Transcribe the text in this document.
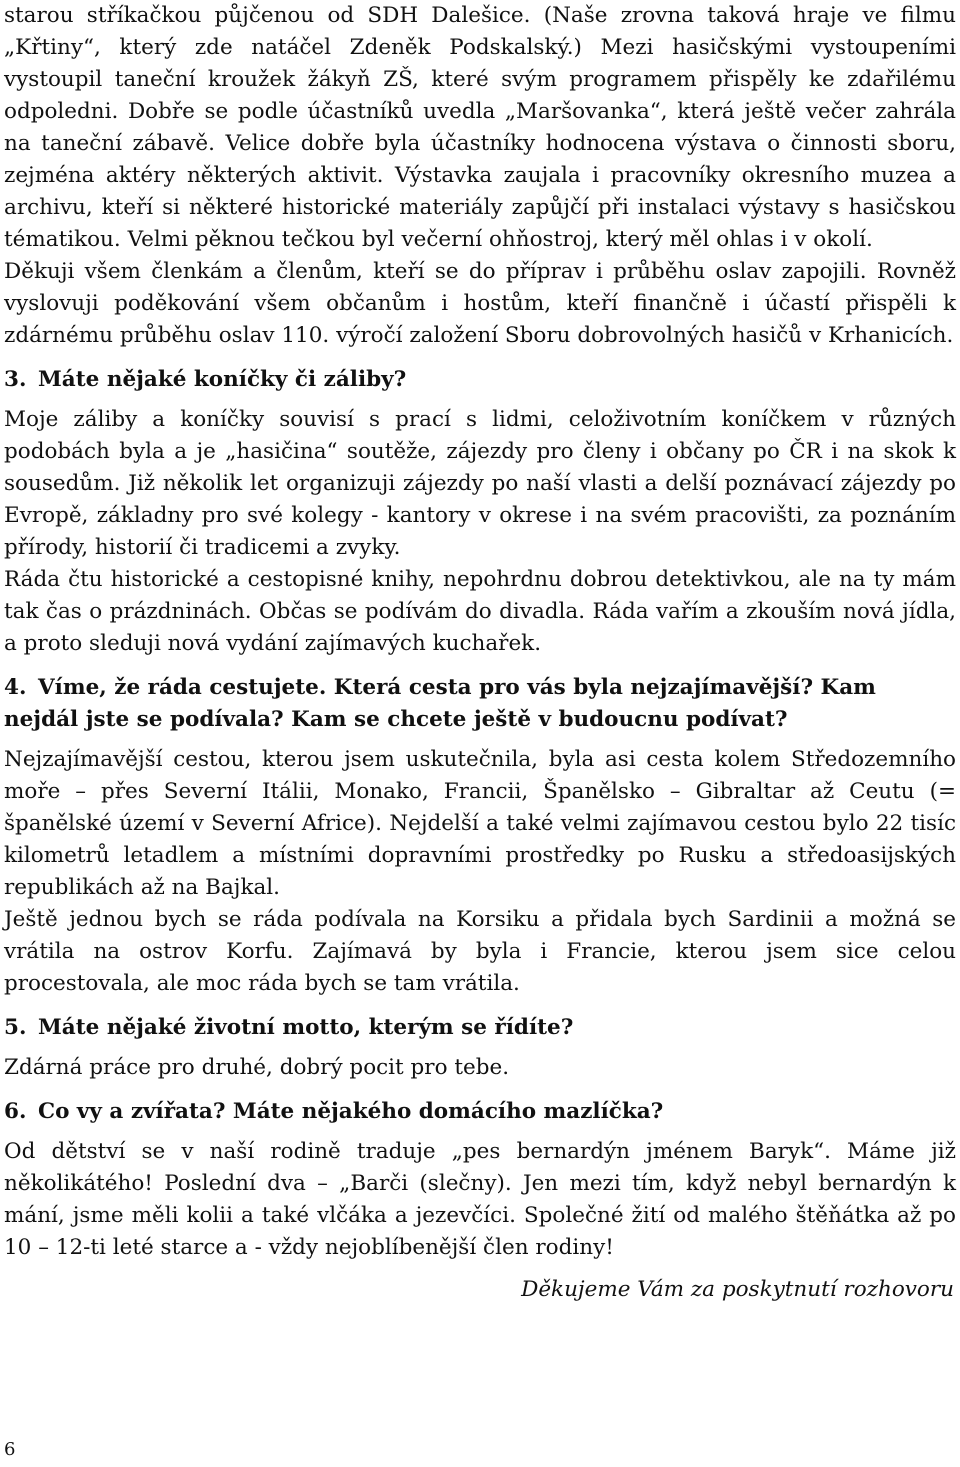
starou stříkačkou půjčenou od SDH Dalešice. (Naše zrovna taková hraje ve filmu „Křtiny“, který zde natáčel Zdeněk Podskalský.) Mezi hasičskými vystoupeními vystoupil taneční kroužek žákyň ZŠ, které svým programem přispěly ke zdařilému odpoledni. Dobře se podle účastníků uvedla „Maršovanka“, která ještě večer zahrála na taneční zábavě. Velice dobře byla účastníky hodnocena výstava o činnosti sboru, zejména aktéry některých aktivit. Výstavka zaujala i pracovníky okresního muzea a archivu, kteří si některé historické materiály zapůjčí při instalaci výstavy s hasičskou tématikou. Velmi pěknou tečkou byl večerní ohňostroj, který měl ohlas i v okolí.

Děkuji všem členkám a členům, kteří se do příprav i průběhu oslav zapojili. Rovněž vyslovuji poděkování všem občanům i hostům, kteří finančně i účastí přispěli k zdárnému průběhu oslav 110. výročí založení Sboru dobrovolných hasičů v Krhanicích.

3. Máte nějaké koníčky či záliby?

Moje záliby a koníčky souvisí s prací s lidmi, celoživotním koníčkem v různých podobách byla a je „hasičina“ soutěže, zájezdy pro členy i občany po ČR i na skok k sousedům. Již několik let organizuji zájezdy po naší vlasti a delší poznávací zájezdy po Evropě, základny pro své kolegy - kantory v okrese i na svém pracovišti, za poznáním přírody, historií či tradicemi a zvyky.

Ráda čtu historické a cestopisné knihy, nepohrdnu dobrou detektivkou, ale na ty mám tak čas o prázdninách. Občas se podívám do divadla. Ráda vařím a zkouším nová jídla, a proto sleduji nová vydání zajímavých kuchařek.

4. Víme, že ráda cestujete. Která cesta pro vás byla nejzajímavější? Kam nejdál jste se podívala? Kam se chcete ještě v budoucnu podívat?

Nejzajímavější cestou, kterou jsem uskutečnila, byla asi cesta kolem Středozemního moře – přes Severní Itálii, Monako, Francii, Španělsko – Gibraltar až Ceutu (= španělské území v Severní Africe). Nejdelší a také velmi zajímavou cestou bylo 22 tisíc kilometrů letadlem a místními dopravními prostředky po Rusku a středoasijských republikách až na Bajkal.

Ještě jednou bych se ráda podívala na Korsiku a přidala bych Sardinii a možná se vrátila na ostrov Korfu. Zajímavá by byla i Francie, kterou jsem sice celou procestovala, ale moc ráda bych se tam vrátila.

5. Máte nějaké životní motto, kterým se řídíte?

Zdárná práce pro druhé, dobrý pocit pro tebe.

6. Co vy a zvířata? Máte nějakého domácího mazlíčka?

Od dětství se v naší rodině traduje „pes bernardýn jménem Baryk“. Máme již několikátého! Poslední dva – „Barči (slečny). Jen mezi tím, když nebyl bernardýn k mání, jsme měli kolii a také vlčáka a jezevčíci. Společné žití od malého štěňátka až po 10 – 12-ti leté starce a - vždy nejoblíbenější člen rodiny!

Děkujeme Vám za poskytnutí rozhovoru

6
